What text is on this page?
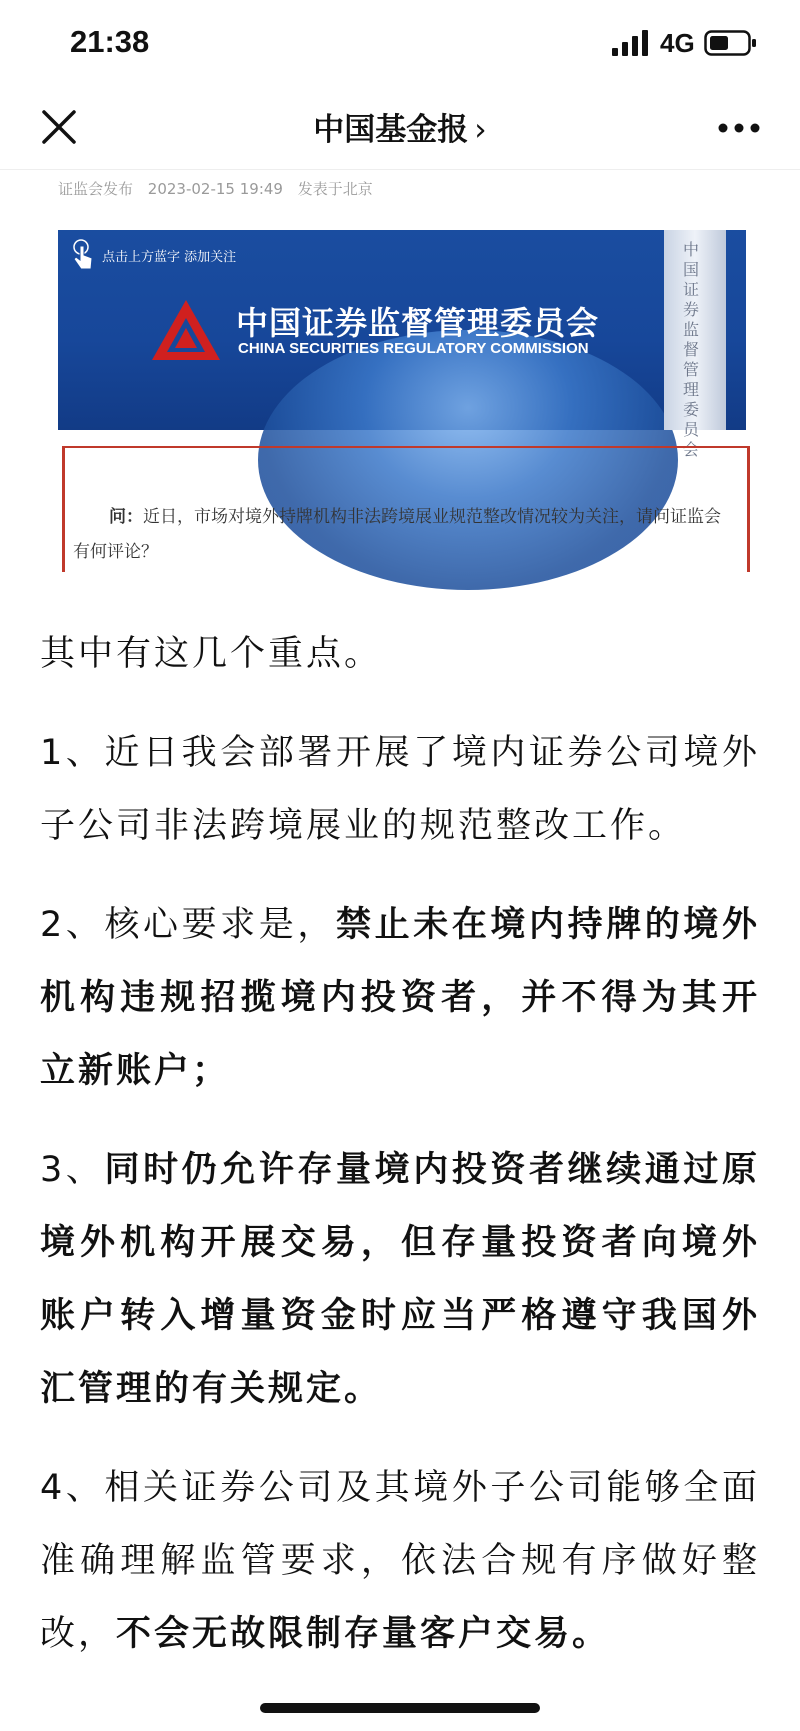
21:38	4G
中国基金报 ›
证监会发布 2023-02-15 19:49 发表于北京
点击上方蓝字 添加关注
中国证券监督管理委员会
CHINA SECURITIES REGULATORY COMMISSION
中国证券监督管理委员会
问：近日，市场对境外持牌机构非法跨境展业规范整改情况较为关注，请问证监会有何评论？

其中有这几个重点。

1、近日我会部署开展了境内证券公司境外子公司非法跨境展业的规范整改工作。

2、核心要求是，禁止未在境内持牌的境外机构违规招揽境内投资者，并不得为其开立新账户；

3、同时仍允许存量境内投资者继续通过原境外机构开展交易，但存量投资者向境外账户转入增量资金时应当严格遵守我国外汇管理的有关规定。

4、相关证券公司及其境外子公司能够全面准确理解监管要求，依法合规有序做好整改，不会无故限制存量客户交易。
